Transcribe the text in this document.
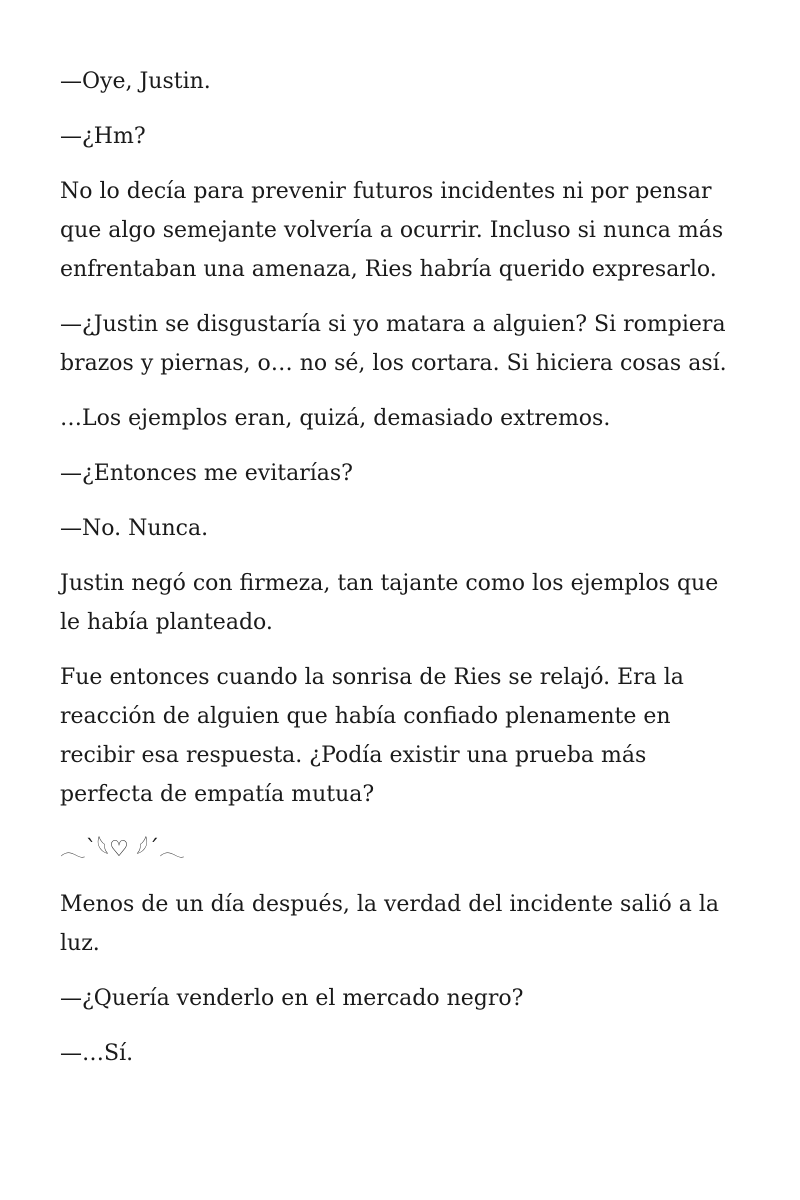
—Oye, Justin.

—¿Hm?

No lo decía para prevenir futuros incidentes ni por pensar que algo semejante volvería a ocurrir. Incluso si nunca más enfrentaban una amenaza, Ries habría querido expresarlo.

—¿Justin se disgustaría si yo matara a alguien? Si rompiera brazos y piernas, o… no sé, los cortara. Si hiciera cosas así.

…Los ejemplos eran, quizá, demasiado extremos.

—¿Entonces me evitarías?

—No. Nunca.

Justin negó con firmeza, tan tajante como los ejemplos que le había planteado.

Fue entonces cuando la sonrisa de Ries se relajó. Era la reacción de alguien que había confiado plenamente en recibir esa respuesta. ¿Podía existir una prueba más perfecta de empatía mutua?

𓂃`𓆩♡ 𓆪´𓂃

Menos de un día después, la verdad del incidente salió a la luz.

—¿Quería venderlo en el mercado negro?

—…Sí.
